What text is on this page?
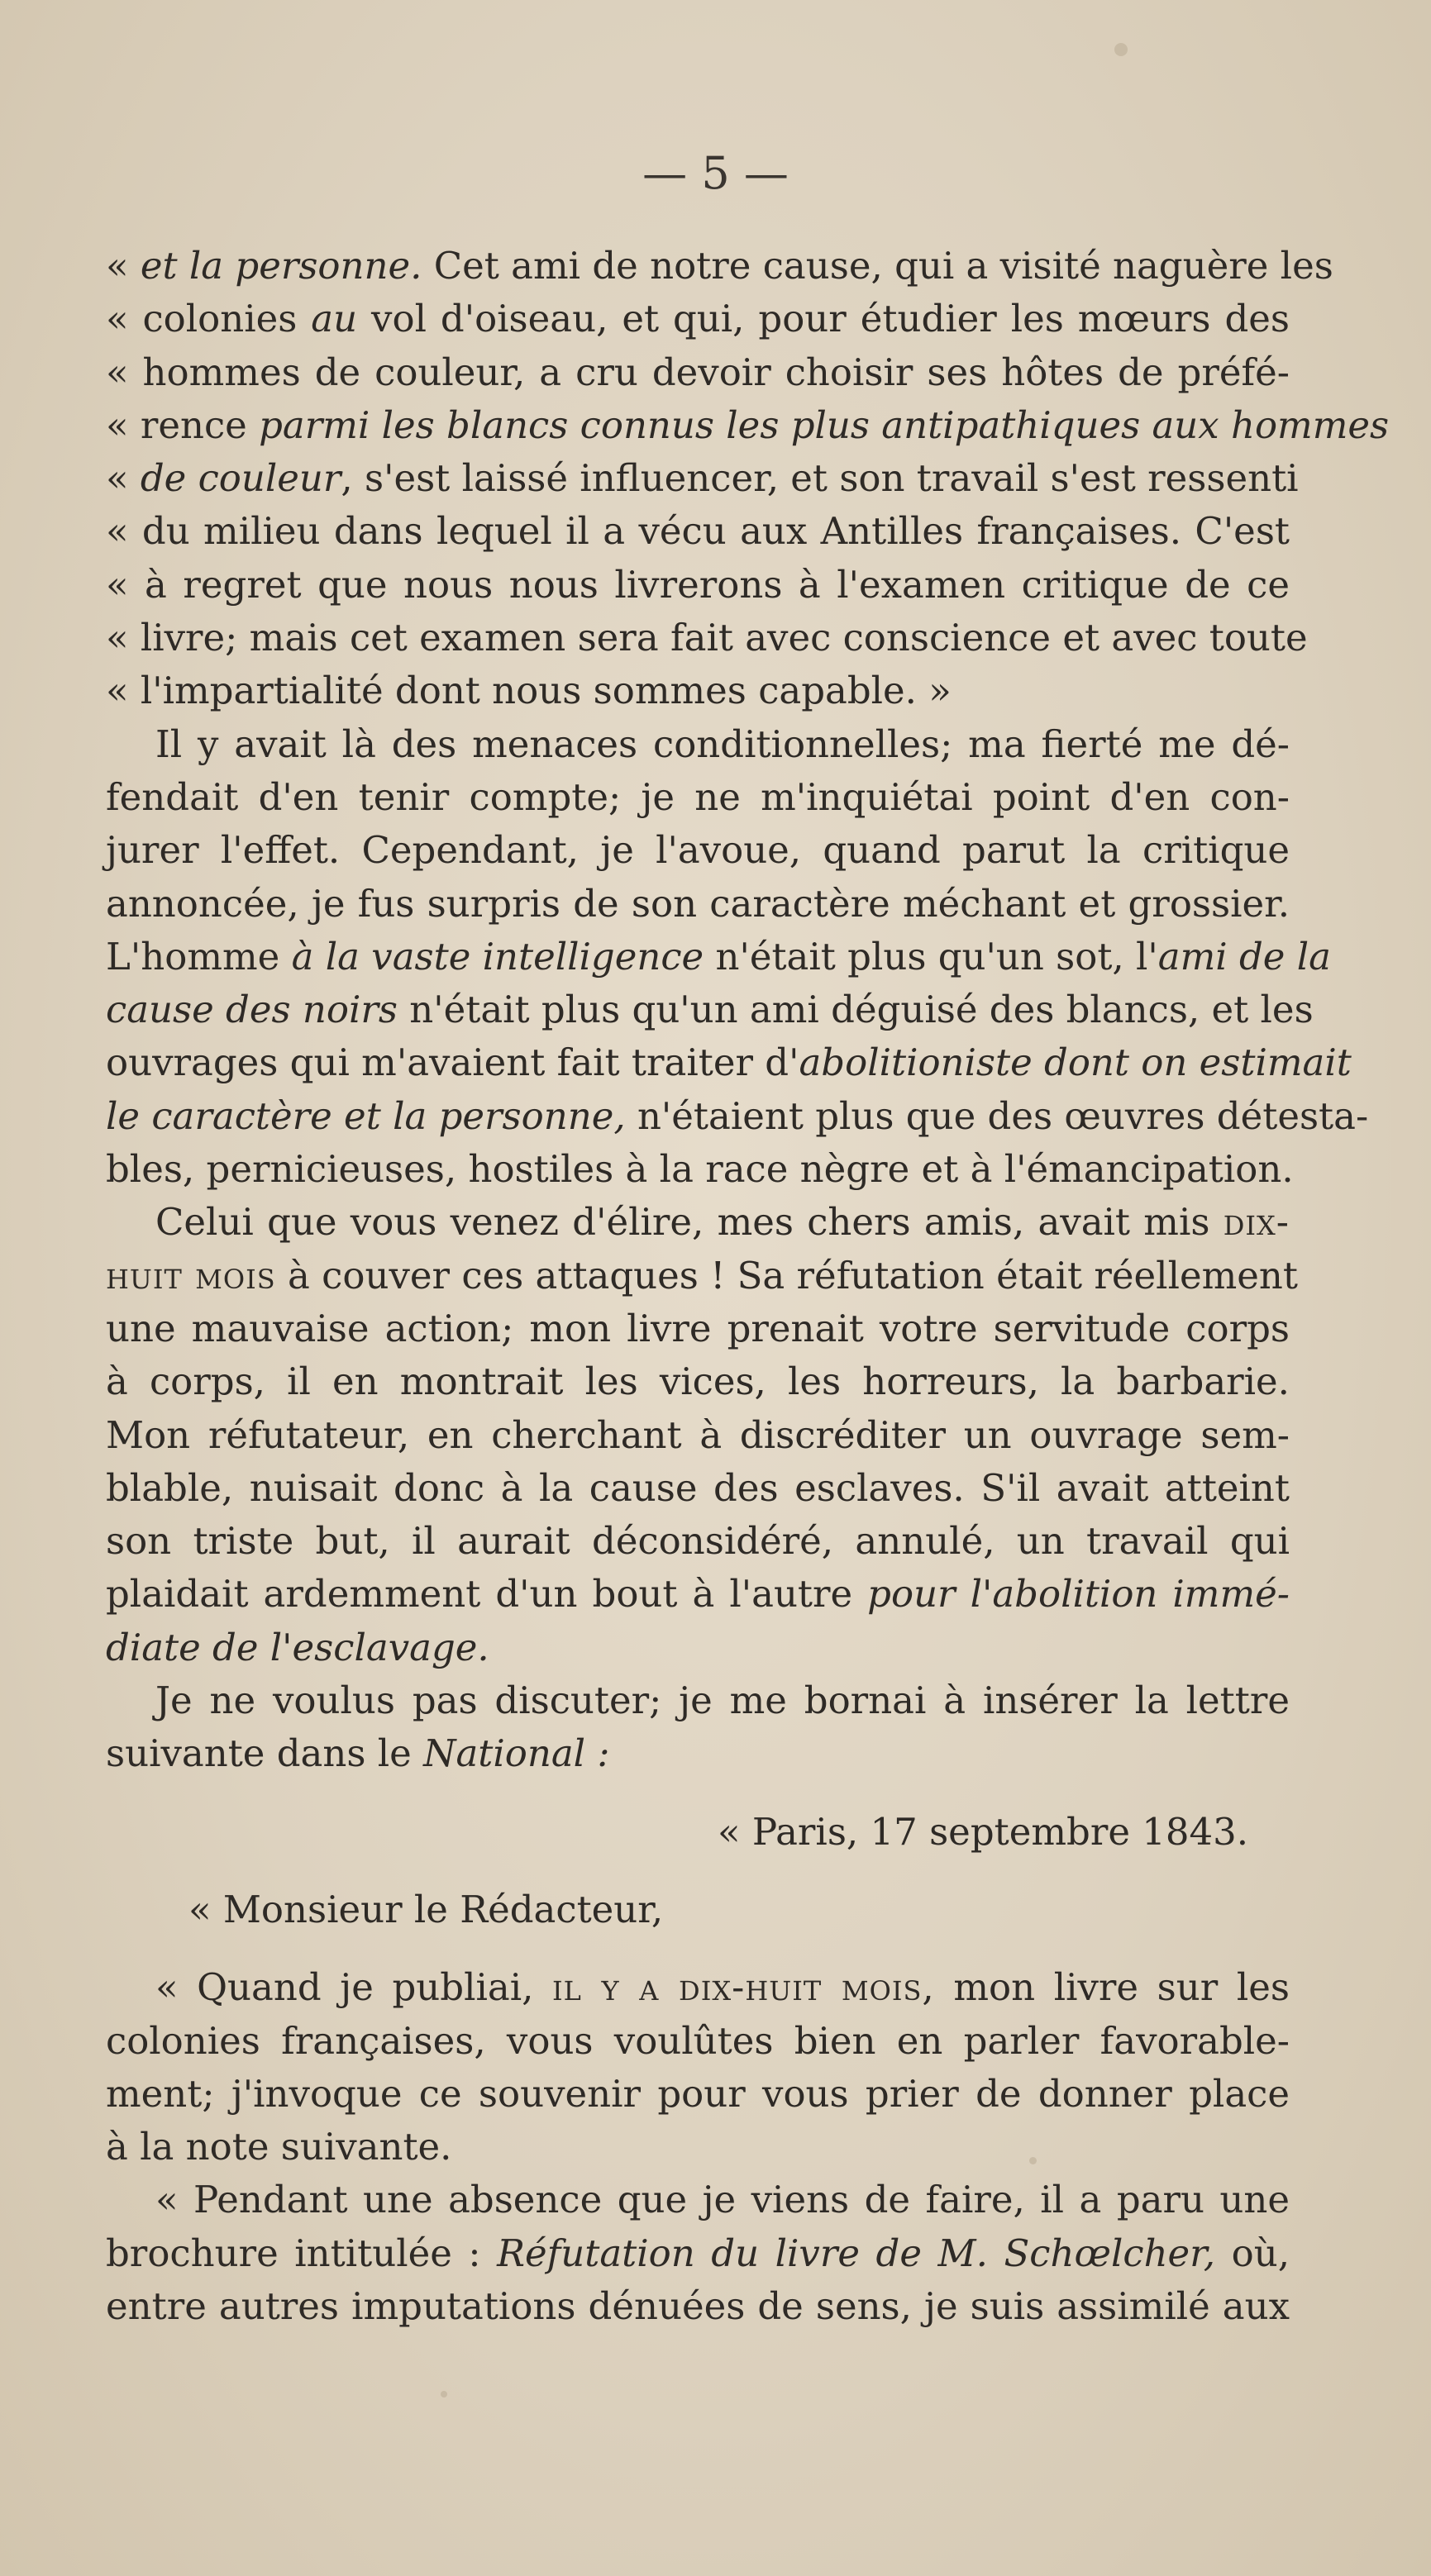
— 5 —
« et la personne. Cet ami de notre cause, qui a visité naguère les
« colonies au vol d'oiseau, et qui, pour étudier les mœurs des
« hommes de couleur, a cru devoir choisir ses hôtes de préfé-
« rence parmi les blancs connus les plus antipathiques aux hommes
« de couleur, s'est laissé influencer, et son travail s'est ressenti
« du milieu dans lequel il a vécu aux Antilles françaises. C'est
« à regret que nous nous livrerons à l'examen critique de ce
« livre; mais cet examen sera fait avec conscience et avec toute
« l'impartialité dont nous sommes capable. »
Il y avait là des menaces conditionnelles; ma fierté me dé-
fendait d'en tenir compte; je ne m'inquiétai point d'en con-
jurer l'effet. Cependant, je l'avoue, quand parut la critique
annoncée, je fus surpris de son caractère méchant et grossier.
L'homme à la vaste intelligence n'était plus qu'un sot, l'ami de la
cause des noirs n'était plus qu'un ami déguisé des blancs, et les
ouvrages qui m'avaient fait traiter d'abolitioniste dont on estimait
le caractère et la personne, n'étaient plus que des œuvres détesta-
bles, pernicieuses, hostiles à la race nègre et à l'émancipation.
Celui que vous venez d'élire, mes chers amis, avait mis dix-
huit mois à couver ces attaques ! Sa réfutation était réellement
une mauvaise action; mon livre prenait votre servitude corps
à corps, il en montrait les vices, les horreurs, la barbarie.
Mon réfutateur, en cherchant à discréditer un ouvrage sem-
blable, nuisait donc à la cause des esclaves. S'il avait atteint
son triste but, il aurait déconsidéré, annulé, un travail qui
plaidait ardemment d'un bout à l'autre pour l'abolition immé-
diate de l'esclavage.
Je ne voulus pas discuter; je me bornai à insérer la lettre
suivante dans le National :
« Paris, 17 septembre 1843.
« Monsieur le Rédacteur,
« Quand je publiai, il y a dix-huit mois, mon livre sur les
colonies françaises, vous voulûtes bien en parler favorable-
ment; j'invoque ce souvenir pour vous prier de donner place
à la note suivante.
« Pendant une absence que je viens de faire, il a paru une
brochure intitulée : Réfutation du livre de M. Schœlcher, où,
entre autres imputations dénuées de sens, je suis assimilé aux
